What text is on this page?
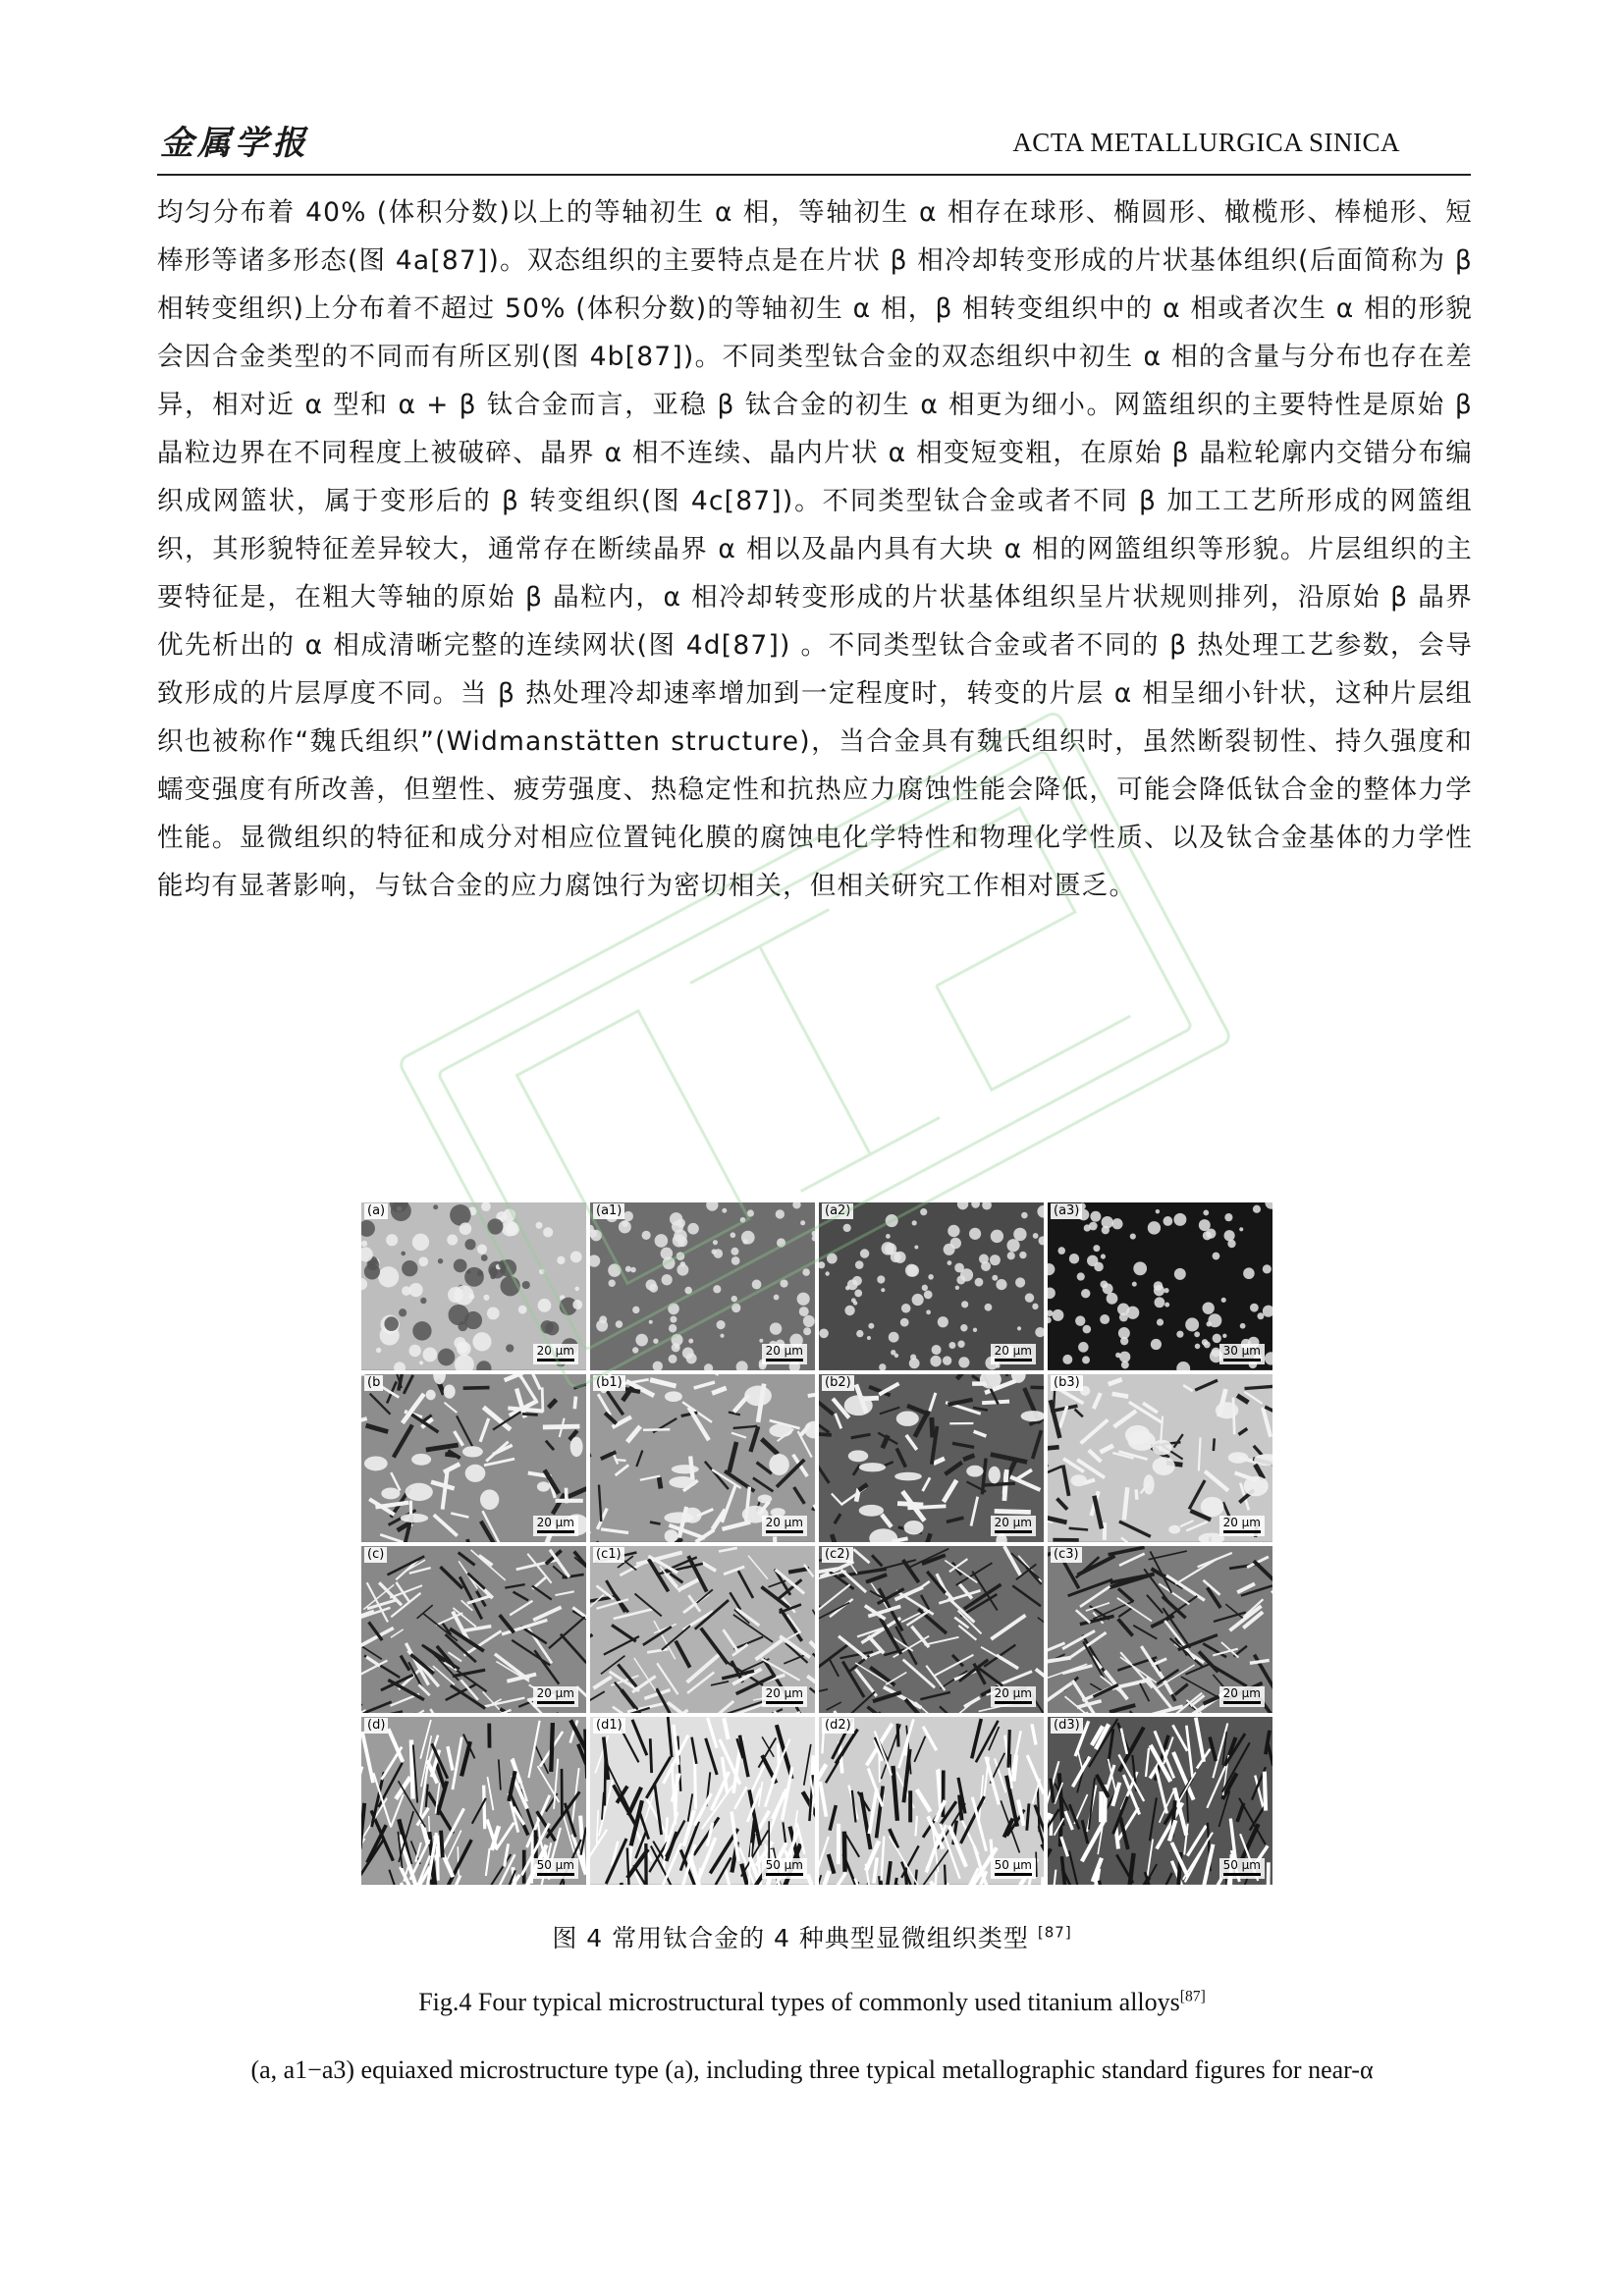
金属学报	ACTA METALLURGICA SINICA

均匀分布着 40% (体积分数)以上的等轴初生 α 相，等轴初生 α 相存在球形、椭圆形、橄榄形、棒槌形、短棒形等诸多形态(图 4a[87])。双态组织的主要特点是在片状 β 相冷却转变形成的片状基体组织(后面简称为 β 相转变组织)上分布着不超过 50% (体积分数)的等轴初生 α 相，β 相转变组织中的 α 相或者次生 α 相的形貌会因合金类型的不同而有所区别(图 4b[87])。不同类型钛合金的双态组织中初生 α 相的含量与分布也存在差异，相对近 α 型和 α + β 钛合金而言，亚稳 β 钛合金的初生 α 相更为细小。网篮组织的主要特性是原始 β 晶粒边界在不同程度上被破碎、晶界 α 相不连续、晶内片状 α 相变短变粗，在原始 β 晶粒轮廓内交错分布编织成网篮状，属于变形后的 β 转变组织(图 4c[87])。不同类型钛合金或者不同 β 加工工艺所形成的网篮组织，其形貌特征差异较大，通常存在断续晶界 α 相以及晶内具有大块 α 相的网篮组织等形貌。片层组织的主要特征是，在粗大等轴的原始 β 晶粒内，α 相冷却转变形成的片状基体组织呈片状规则排列，沿原始 β 晶界优先析出的 α 相成清晰完整的连续网状(图 4d[87]) 。不同类型钛合金或者不同的 β 热处理工艺参数，会导致形成的片层厚度不同。当 β 热处理冷却速率增加到一定程度时，转变的片层 α 相呈细小针状，这种片层组织也被称作“魏氏组织”(Widmanstätten structure)，当合金具有魏氏组织时，虽然断裂韧性、持久强度和蠕变强度有所改善，但塑性、疲劳强度、热稳定性和抗热应力腐蚀性能会降低，可能会降低钛合金的整体力学性能。显微组织的特征和成分对相应位置钝化膜的腐蚀电化学特性和物理化学性质、以及钛合金基体的力学性能均有显著影响，与钛合金的应力腐蚀行为密切相关，但相关研究工作相对匮乏。

(a)
20 μm
(a1)
20 μm
(a2)
20 μm
(a3)
30 μm
(b
20 μm
(b1)
20 μm
(b2)
20 μm
(b3)
20 μm
(c)
20 μm
(c1)
20 μm
(c2)
20 μm
(c3)
20 μm
(d)
50 μm
(d1)
50 μm
(d2)
50 μm
(d3)
50 μm
图 4 常用钛合金的 4 种典型显微组织类型 [87]
Fig.4 Four typical microstructural types of commonly used titanium alloys[87]
(a, a1−a3) equiaxed microstructure type (a), including three typical metallographic standard figures for near-α
